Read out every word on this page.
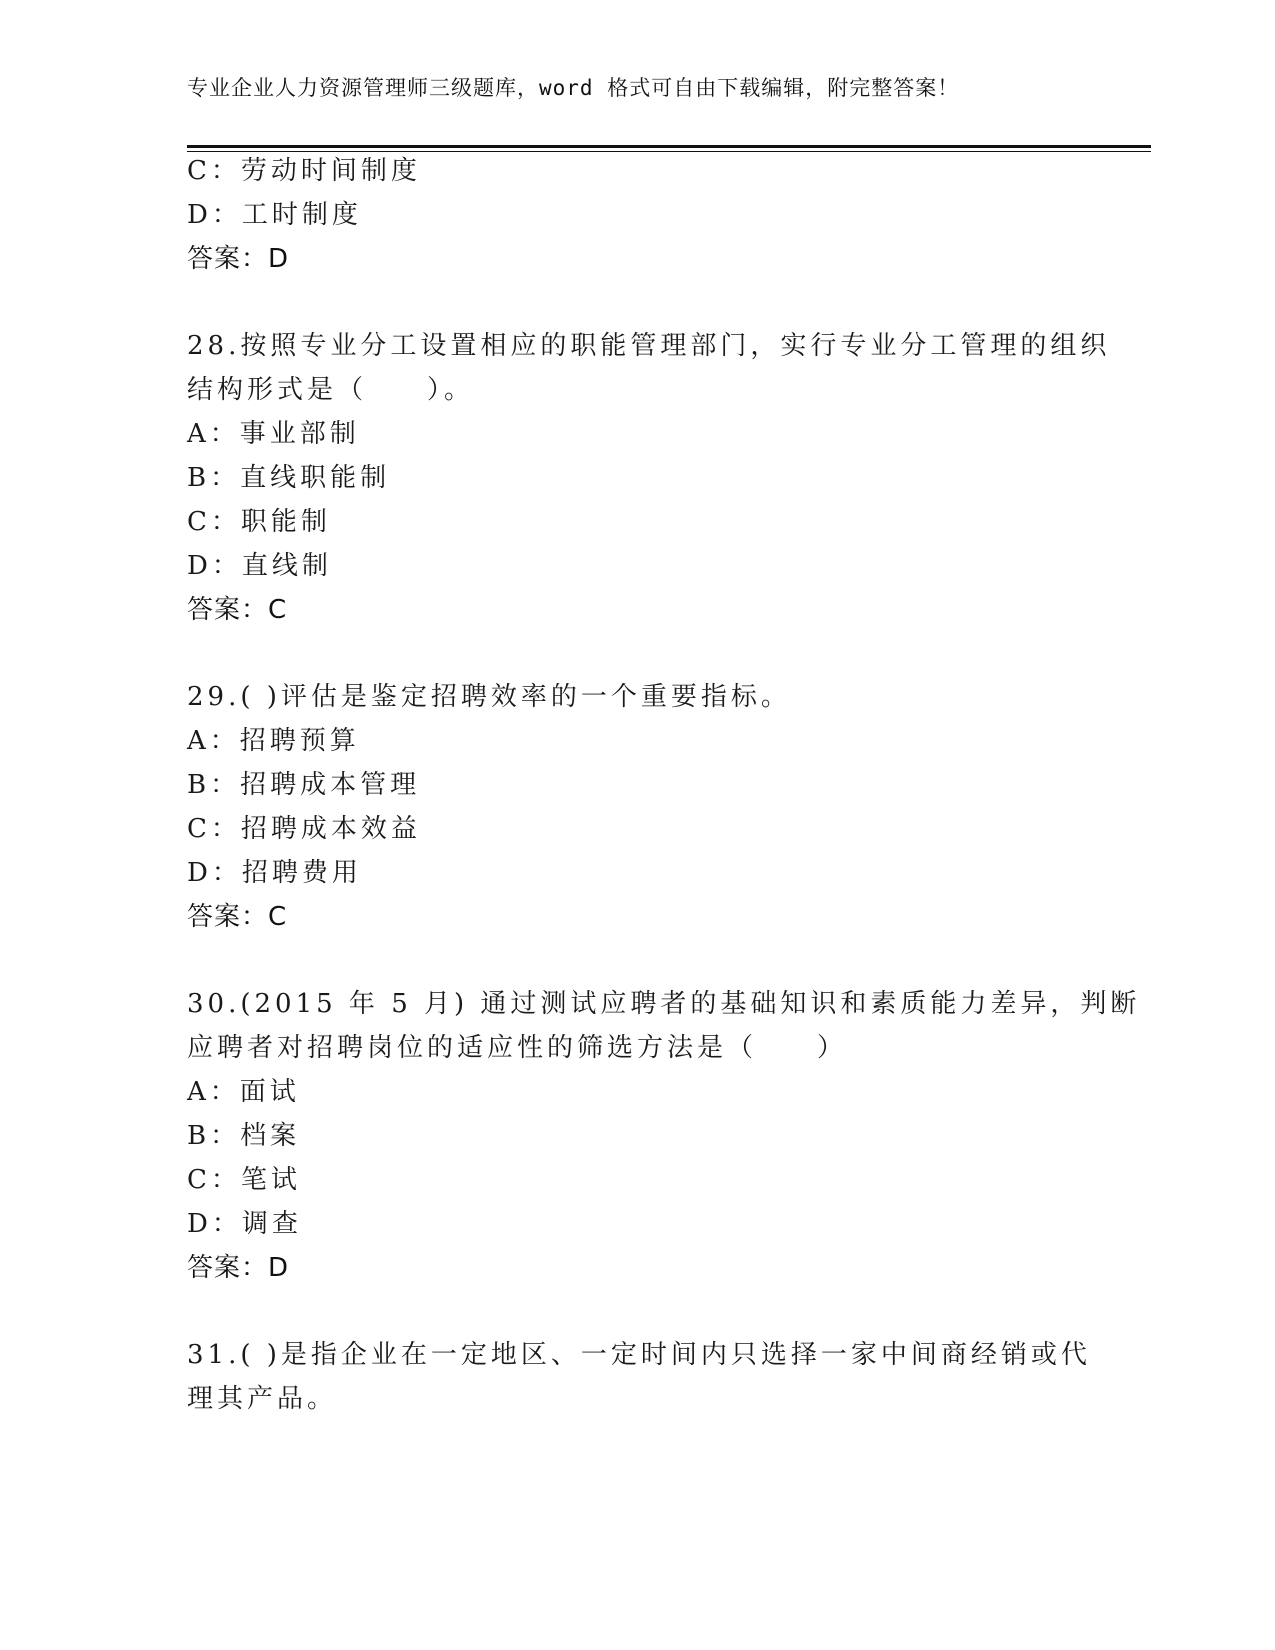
专业企业人力资源管理师三级题库，word 格式可自由下载编辑，附完整答案！
C：劳动时间制度
D：工时制度
答案：D
28.按照专业分工设置相应的职能管理部门，实行专业分工管理的组织
结构形式是（　　）。
A：事业部制
B：直线职能制
C：职能制
D：直线制
答案：C
29.( )评估是鉴定招聘效率的一个重要指标。
A：招聘预算
B：招聘成本管理
C：招聘成本效益
D：招聘费用
答案：C
30.(2015 年 5 月) 通过测试应聘者的基础知识和素质能力差异，判断
应聘者对招聘岗位的适应性的筛选方法是（　　）
A：面试
B：档案
C：笔试
D：调查
答案：D
31.( )是指企业在一定地区、一定时间内只选择一家中间商经销或代
理其产品。
